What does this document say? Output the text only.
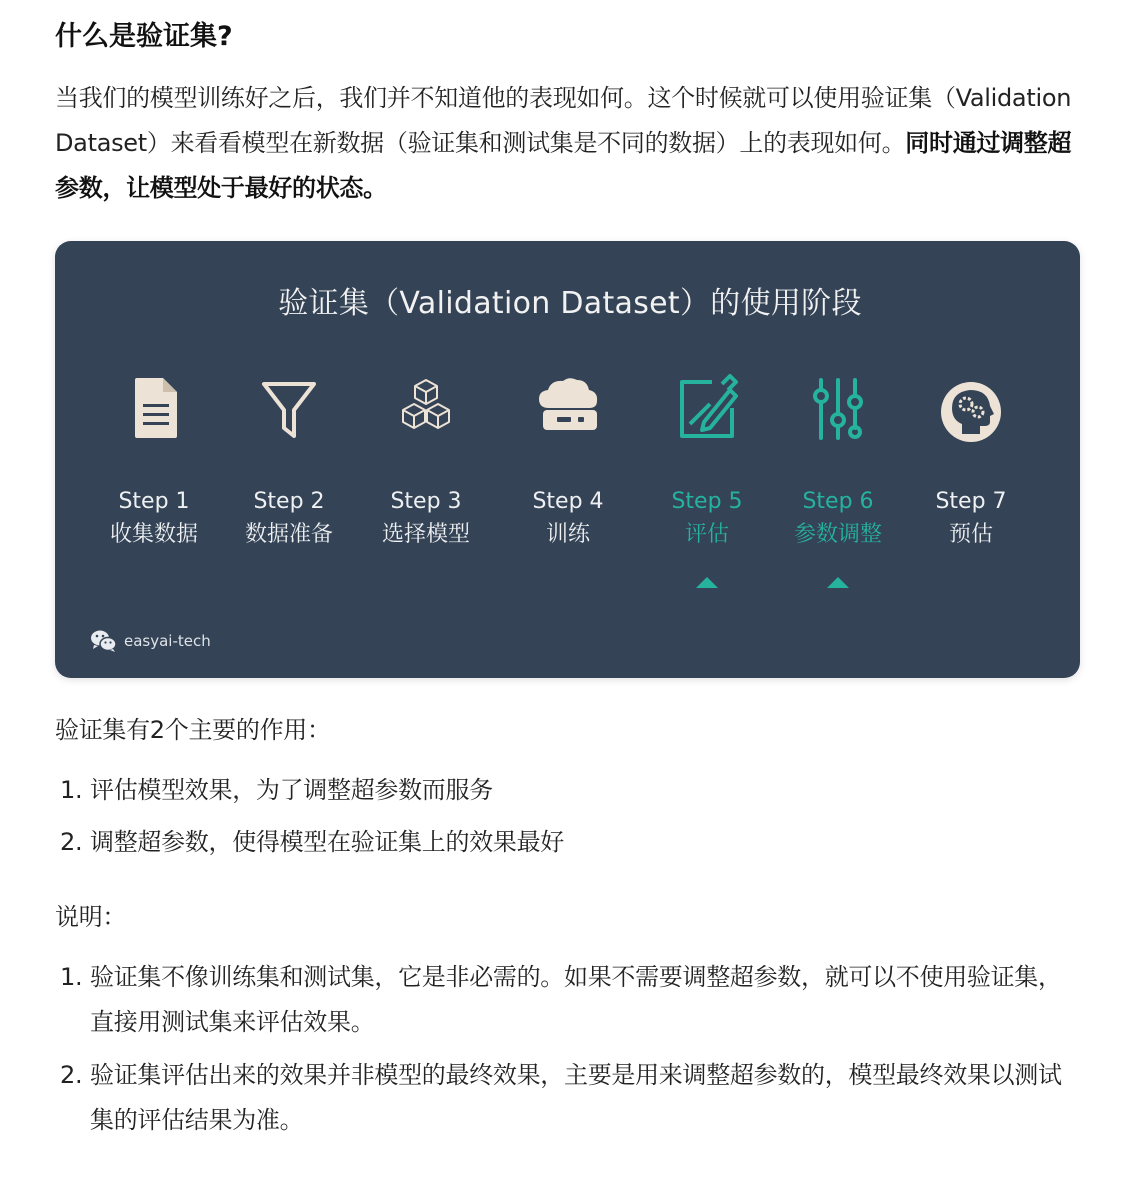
什么是验证集?
当我们的模型训练好之后，我们并不知道他的表现如何。这个时候就可以使用验证集（Validation Dataset）来看看模型在新数据（验证集和测试集是不同的数据）上的表现如何。同时通过调整超参数，让模型处于最好的状态。
验证集（Validation Dataset）的使用阶段
Step 1
收集数据
Step 2
数据准备
Step 3
选择模型
Step 4
训练
Step 5
评估
Step 6
参数调整
Step 7
预估
easyai-tech
验证集有2个主要的作用：
1. 评估模型效果，为了调整超参数而服务
2. 调整超参数，使得模型在验证集上的效果最好
说明：
1. 验证集不像训练集和测试集，它是非必需的。如果不需要调整超参数，就可以不使用验证集，直接用测试集来评估效果。
2. 验证集评估出来的效果并非模型的最终效果，主要是用来调整超参数的，模型最终效果以测试集的评估结果为准。
